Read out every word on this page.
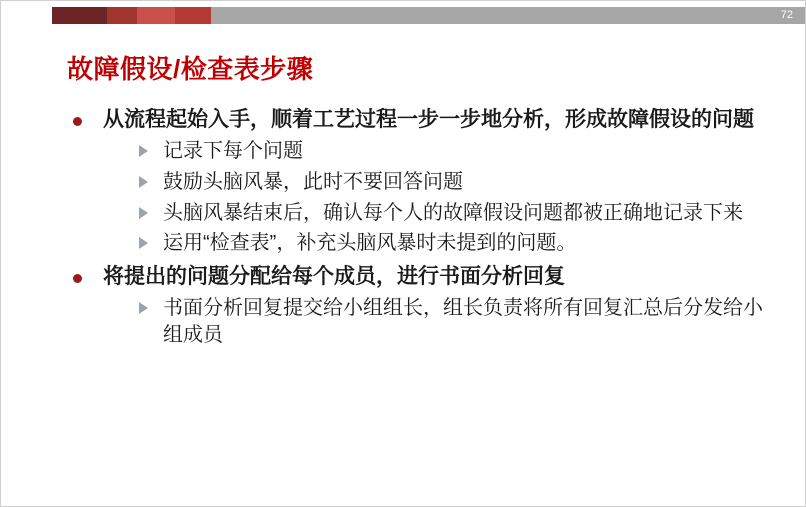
72
故障假设/检查表步骤
从流程起始入手，顺着工艺过程一步一步地分析，形成故障假设的问题
记录下每个问题
鼓励头脑风暴，此时不要回答问题
头脑风暴结束后，确认每个人的故障假设问题都被正确地记录下来
运用“检查表”，补充头脑风暴时未提到的问题。
将提出的问题分配给每个成员，进行书面分析回复
书面分析回复提交给小组组长，组长负责将所有回复汇总后分发给小组成员
